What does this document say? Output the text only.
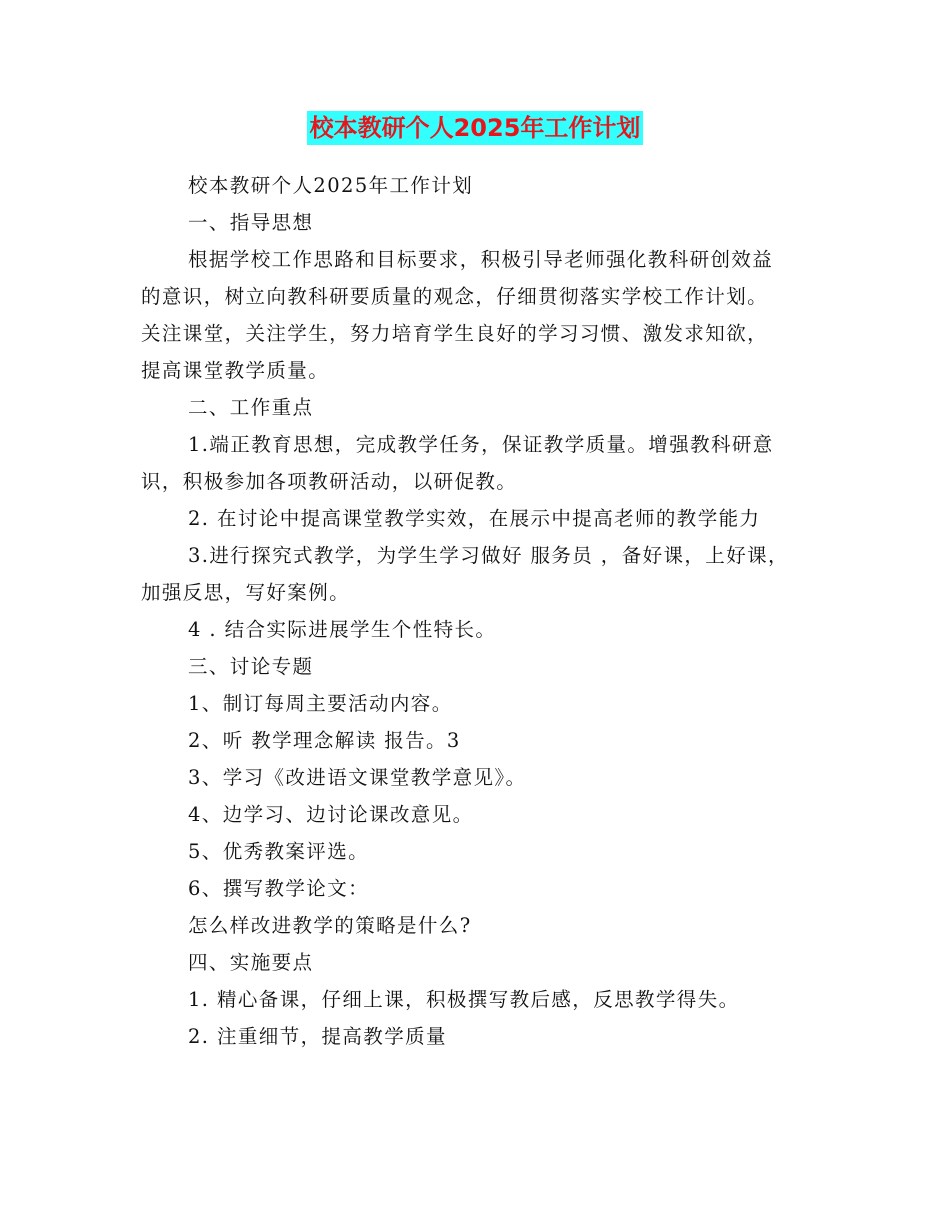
校本教研个人2025年工作计划

校本教研个人2025年工作计划

一、指导思想

根据学校工作思路和目标要求，积极引导老师强化教科研创效益

的意识，树立向教科研要质量的观念，仔细贯彻落实学校工作计划。

关注课堂，关注学生，努力培育学生良好的学习习惯、激发求知欲，

提高课堂教学质量。

二、工作重点

1.端正教育思想，完成教学任务，保证教学质量。增强教科研意

识，积极参加各项教研活动，以研促教。

2. 在讨论中提高课堂教学实效，在展示中提高老师的教学能力

3.进行探究式教学，为学生学习做好 服务员 ，备好课，上好课，

加强反思，写好案例。

4 . 结合实际进展学生个性特长。

三、讨论专题

1、制订每周主要活动内容。

2、听 教学理念解读 报告。3

3、学习《改进语文课堂教学意见》。

4、边学习、边讨论课改意见。

5、优秀教案评选。

6、撰写教学论文：

怎么样改进教学的策略是什么?

四、实施要点

1. 精心备课，仔细上课，积极撰写教后感，反思教学得失。

2. 注重细节，提高教学质量
